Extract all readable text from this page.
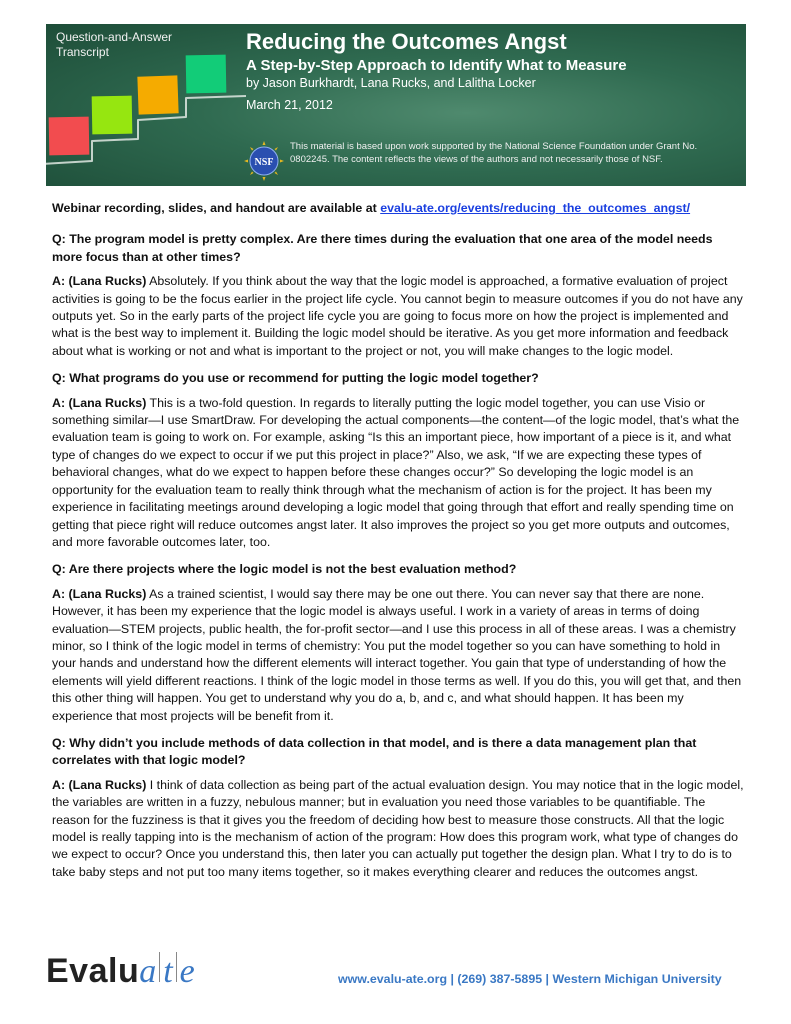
Question-and-Answer Transcript	Reducing the Outcomes Angst
A Step-by-Step Approach to Identify What to Measure
by Jason Burkhardt, Lana Rucks, and Lalitha Locker
March 21, 2012
NSF
This material is based upon work supported by the National Science Foundation under Grant No. 0802245. The content reflects the views of the authors and not necessarily those of NSF.

Webinar recording, slides, and handout are available at evalu-ate.org/events/reducing_the_outcomes_angst/

Q: The program model is pretty complex. Are there times during the evaluation that one area of the model needs more focus than at other times?

A: (Lana Rucks) Absolutely. If you think about the way that the logic model is approached, a formative evaluation of project activities is going to be the focus earlier in the project life cycle. You cannot begin to measure outcomes if you do not have any outputs yet. So in the early parts of the project life cycle you are going to focus more on how the project is implemented and what is the best way to implement it. Building the logic model should be iterative. As you get more information and feedback about what is working or not and what is important to the project or not, you will make changes to the logic model.

Q: What programs do you use or recommend for putting the logic model together?

A: (Lana Rucks) This is a two-fold question. In regards to literally putting the logic model together, you can use Visio or something similar—I use SmartDraw. For developing the actual components—the content—of the logic model, that’s what the evaluation team is going to work on. For example, asking “Is this an important piece, how important of a piece is it, and what type of changes do we expect to occur if we put this project in place?” Also, we ask, “If we are expecting these types of behavioral changes, what do we expect to happen before these changes occur?” So developing the logic model is an opportunity for the evaluation team to really think through what the mechanism of action is for the project. It has been my experience in facilitating meetings around developing a logic model that going through that effort and really spending time on getting that piece right will reduce outcomes angst later. It also improves the project so you get more outputs and outcomes, and more favorable outcomes later, too.

Q: Are there projects where the logic model is not the best evaluation method?

A: (Lana Rucks) As a trained scientist, I would say there may be one out there. You can never say that there are none. However, it has been my experience that the logic model is always useful. I work in a variety of areas in terms of doing evaluation—STEM projects, public health, the for-profit sector—and I use this process in all of these areas. I was a chemistry minor, so I think of the logic model in terms of chemistry: You put the model together so you can have something to hold in your hands and understand how the different elements will interact together. You gain that type of understanding of how the elements will yield different reactions. I think of the logic model in those terms as well. If you do this, you will get that, and then this other thing will happen. You get to understand why you do a, b, and c, and what should happen. It has been my experience that most projects will be benefit from it.

Q: Why didn’t you include methods of data collection in that model, and is there a data management plan that correlates with that logic model?

A: (Lana Rucks) I think of data collection as being part of the actual evaluation design. You may notice that in the logic model, the variables are written in a fuzzy, nebulous manner; but in evaluation you need those variables to be quantifiable. The reason for the fuzziness is that it gives you the freedom of deciding how best to measure those constructs. All that the logic model is really tapping into is the mechanism of action of the program: How does this program work, what type of changes do we expect to occur? Once you understand this, then later you can actually put together the design plan. What I try to do is to take baby steps and not put too many items together, so it makes everything clearer and reduces the outcomes angst.

Evalu a t e	www.evalu-ate.org | (269) 387-5895 | Western Michigan University
